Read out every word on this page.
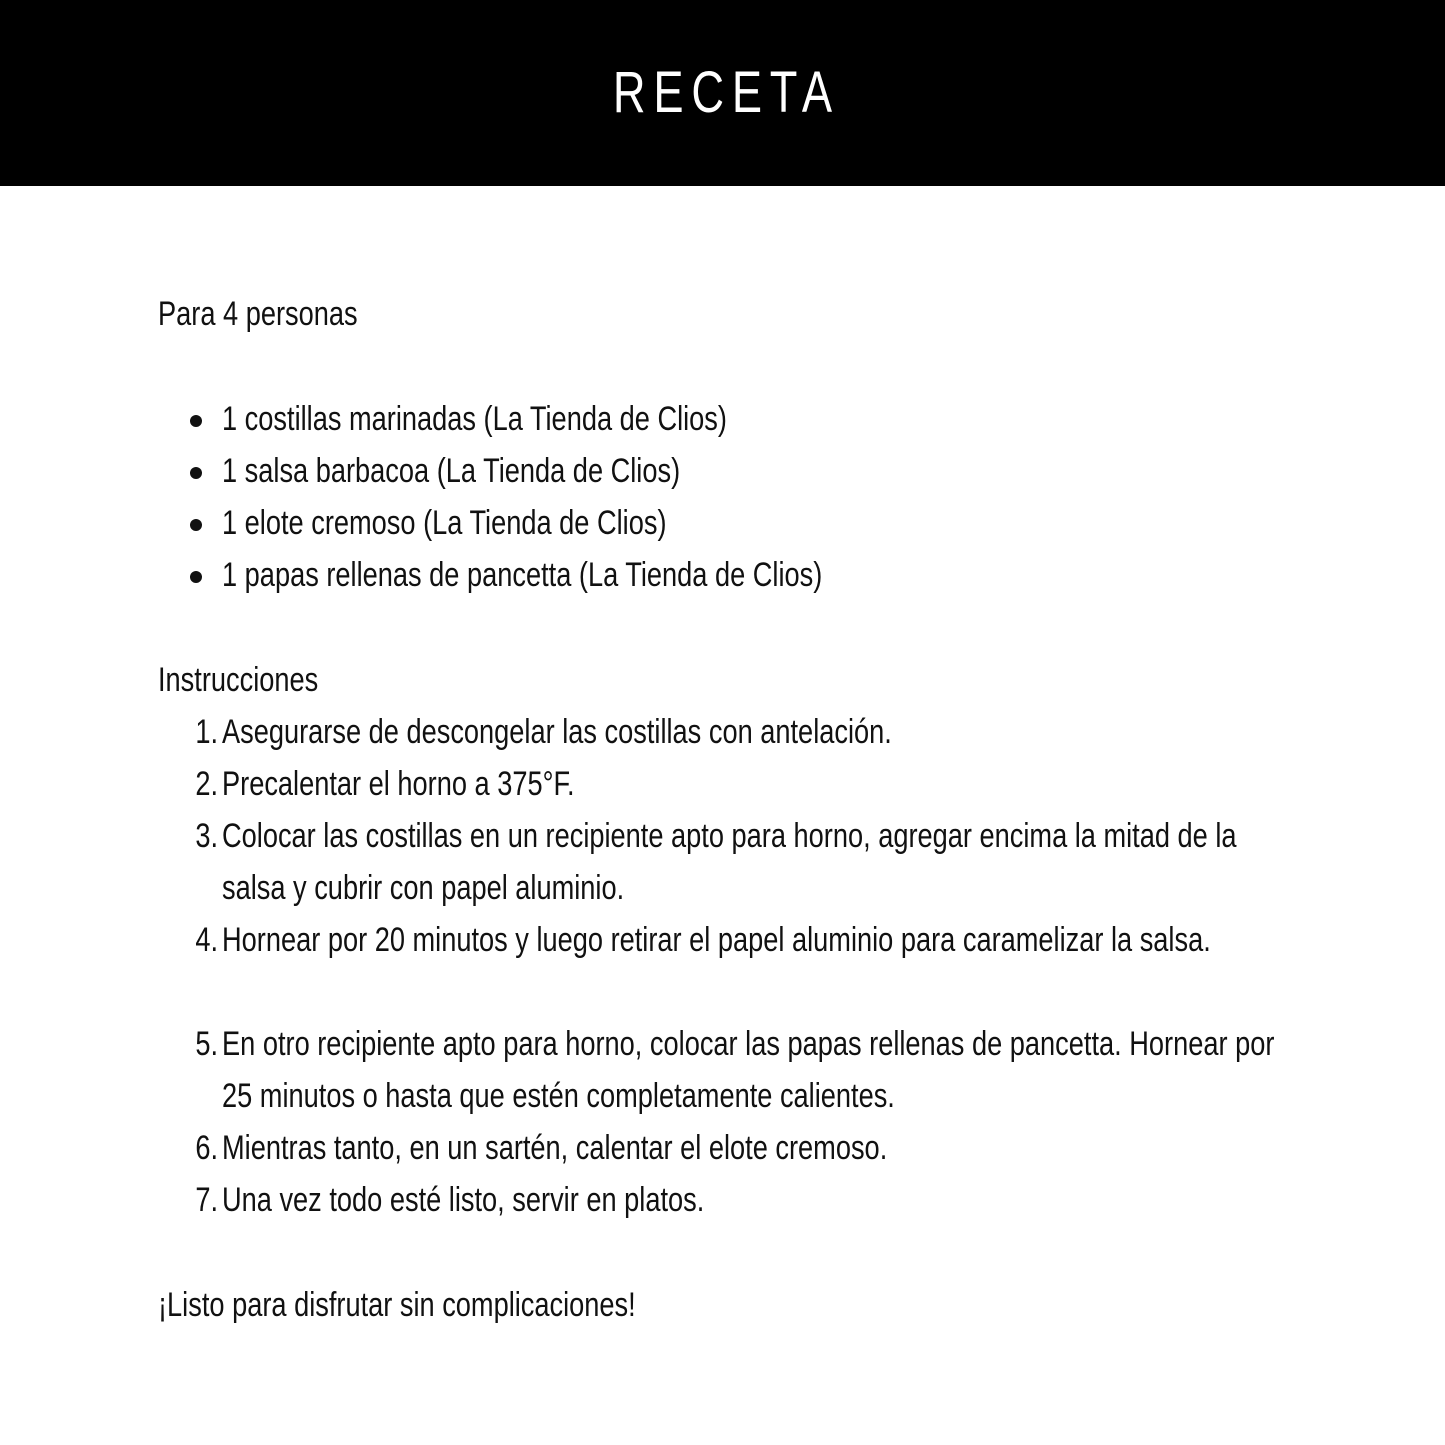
RECETA

Para 4 personas

1 costillas marinadas (La Tienda de Clios)
1 salsa barbacoa (La Tienda de Clios)
1 elote cremoso (La Tienda de Clios)
1 papas rellenas de pancetta (La Tienda de Clios)

Instrucciones

1. Asegurarse de descongelar las costillas con antelación.
2. Precalentar el horno a 375°F.
3. Colocar las costillas en un recipiente apto para horno, agregar encima la mitad de la salsa y cubrir con papel aluminio.
4. Hornear por 20 minutos y luego retirar el papel aluminio para caramelizar la salsa.
5. En otro recipiente apto para horno, colocar las papas rellenas de pancetta. Hornear por 25 minutos o hasta que estén completamente calientes.
6. Mientras tanto, en un sartén, calentar el elote cremoso.
7. Una vez todo esté listo, servir en platos.

¡Listo para disfrutar sin complicaciones!
